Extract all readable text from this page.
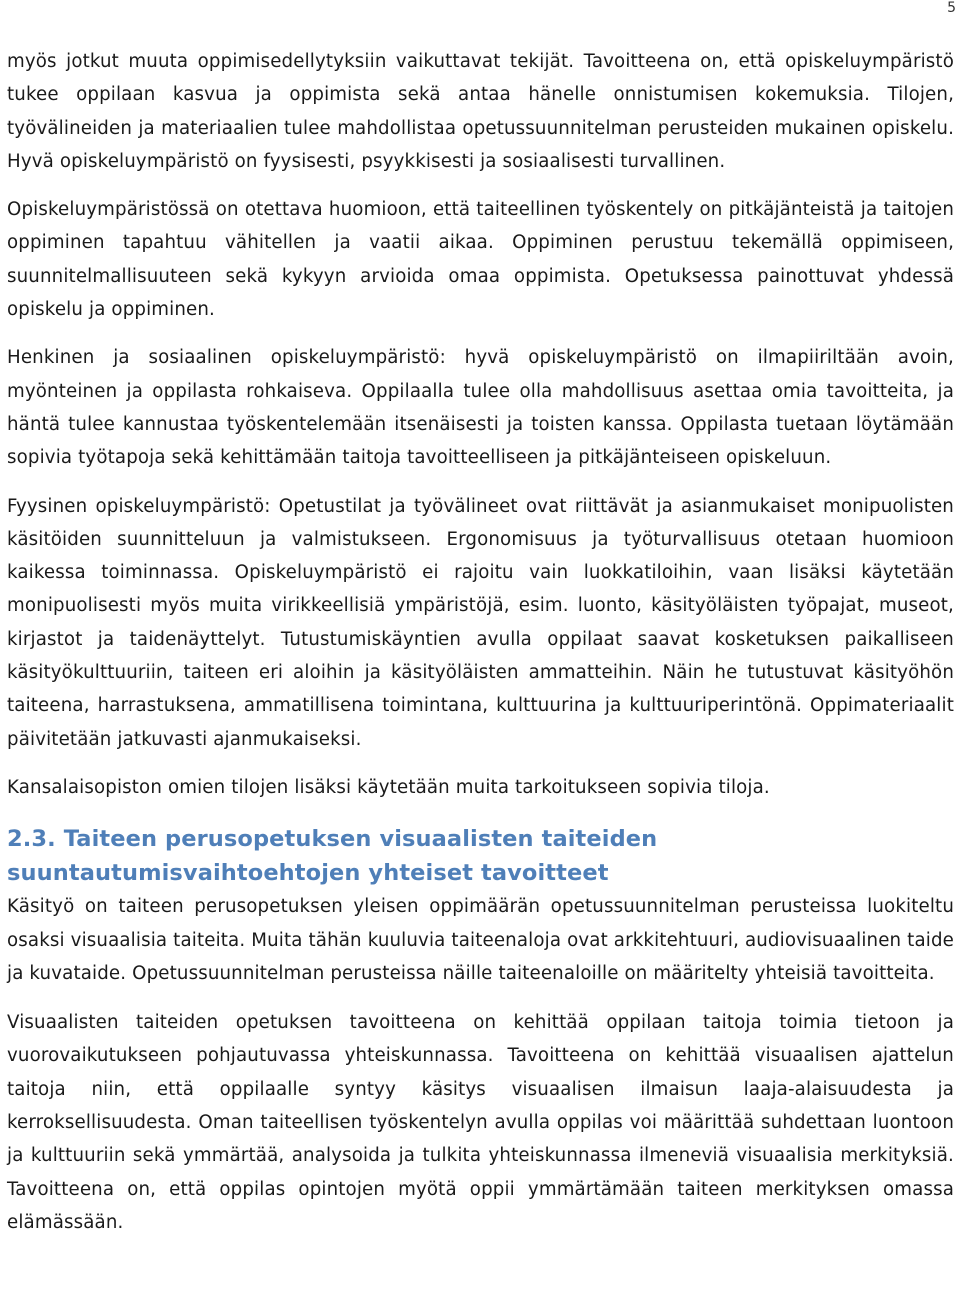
5

myös jotkut muuta oppimisedellytyksiin vaikuttavat tekijät. Tavoitteena on, että opiskeluympäristö tukee oppilaan kasvua ja oppimista sekä antaa hänelle onnistumisen kokemuksia. Tilojen, työvälineiden ja materiaalien tulee mahdollistaa opetussuunnitelman perusteiden mukainen opiskelu. Hyvä opiskeluympäristö on fyysisesti, psyykkisesti ja sosiaalisesti turvallinen.

Opiskeluympäristössä on otettava huomioon, että taiteellinen työskentely on pitkäjänteistä ja taitojen oppiminen tapahtuu vähitellen ja vaatii aikaa. Oppiminen perustuu tekemällä oppimiseen, suunnitelmallisuuteen sekä kykyyn arvioida omaa oppimista. Opetuksessa painottuvat yhdessä opiskelu ja oppiminen.

Henkinen ja sosiaalinen opiskeluympäristö: hyvä opiskeluympäristö on ilmapiiriltään avoin, myönteinen ja oppilasta rohkaiseva. Oppilaalla tulee olla mahdollisuus asettaa omia tavoitteita, ja häntä tulee kannustaa työskentelemään itsenäisesti ja toisten kanssa. Oppilasta tuetaan löytämään sopivia työtapoja sekä kehittämään taitoja tavoitteelliseen ja pitkäjänteiseen opiskeluun.

Fyysinen opiskeluympäristö: Opetustilat ja työvälineet ovat riittävät ja asianmukaiset monipuolisten käsitöiden suunnitteluun ja valmistukseen. Ergonomisuus ja työturvallisuus otetaan huomioon kaikessa toiminnassa. Opiskeluympäristö ei rajoitu vain luokkatiloihin, vaan lisäksi käytetään monipuolisesti myös muita virikkeellisiä ympäristöjä, esim. luonto, käsityöläisten työpajat, museot, kirjastot ja taidenäyttelyt. Tutustumiskäyntien avulla oppilaat saavat kosketuksen paikalliseen käsityökulttuuriin, taiteen eri aloihin ja käsityöläisten ammatteihin. Näin he tutustuvat käsityöhön taiteena, harrastuksena, ammatillisena toimintana, kulttuurina ja kulttuuriperintönä. Oppimateriaalit päivitetään jatkuvasti ajanmukaiseksi.

Kansalaisopiston omien tilojen lisäksi käytetään muita tarkoitukseen sopivia tiloja.

2.3. Taiteen perusopetuksen visuaalisten taiteiden suuntautumisvaihtoehtojen yhteiset tavoitteet

Käsityö on taiteen perusopetuksen yleisen oppimäärän opetussuunnitelman perusteissa luokiteltu osaksi visuaalisia taiteita. Muita tähän kuuluvia taiteenaloja ovat arkkitehtuuri, audiovisuaalinen taide ja kuvataide. Opetussuunnitelman perusteissa näille taiteenaloille on määritelty yhteisiä tavoitteita.

Visuaalisten taiteiden opetuksen tavoitteena on kehittää oppilaan taitoja toimia tietoon ja vuorovaikutukseen pohjautuvassa yhteiskunnassa. Tavoitteena on kehittää visuaalisen ajattelun taitoja niin, että oppilaalle syntyy käsitys visuaalisen ilmaisun laaja-alaisuudesta ja kerroksellisuudesta. Oman taiteellisen työskentelyn avulla oppilas voi määrittää suhdettaan luontoon ja kulttuuriin sekä ymmärtää, analysoida ja tulkita yhteiskunnassa ilmeneviä visuaalisia merkityksiä. Tavoitteena on, että oppilas opintojen myötä oppii ymmärtämään taiteen merkityksen omassa elämässään.
